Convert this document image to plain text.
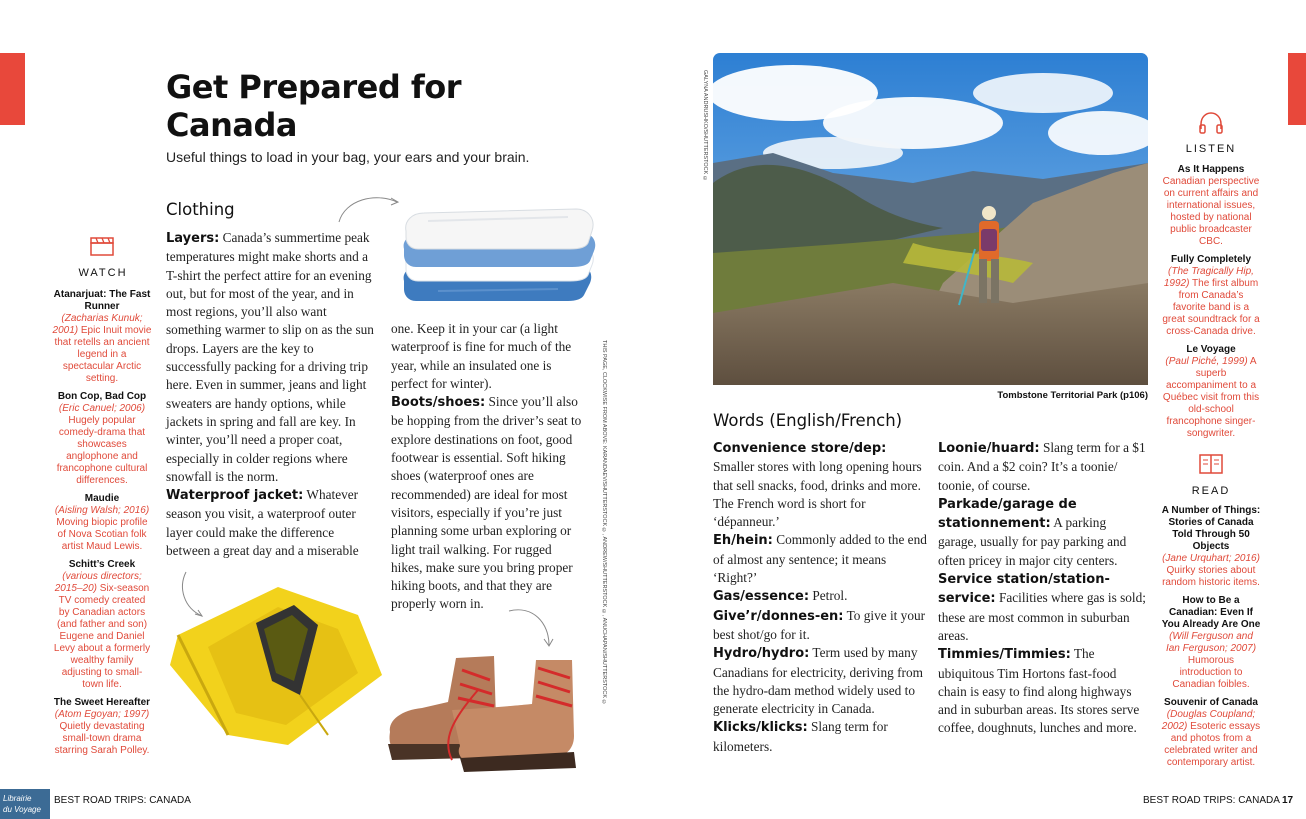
Get Prepared for Canada
Useful things to load in your bag, your ears and your brain.
WATCH
Atanarjuat: The Fast Runner
(Zacharias Kunuk; 2001) Epic Inuit movie that retells an ancient legend in a spectacular Arctic setting.
Bon Cop, Bad Cop
(Eric Canuel; 2006) Hugely popular comedy-drama that showcases anglophone and francophone cultural differences.
Maudie
(Aisling Walsh; 2016) Moving biopic profile of Nova Scotian folk artist Maud Lewis.
Schitt’s Creek
(various directors; 2015–20) Six-season TV comedy created by Canadian actors (and father and son) Eugene and Daniel Levy about a formerly wealthy family adjusting to small-town life.
The Sweet Hereafter
(Atom Egoyan; 1997) Quietly devastating small-town drama starring Sarah Polley.
Clothing
Layers: Canada’s summertime peak temperatures might make shorts and a T-shirt the perfect attire for an evening out, but for most of the year, and in most regions, you’ll also want something warmer to slip on as the sun drops. Layers are the key to successfully packing for a driving trip here. Even in summer, jeans and light sweaters are handy options, while jackets in spring and fall are key. In winter, you’ll need a proper coat, especially in colder regions where snowfall is the norm.
Waterproof jacket: Whatever season you visit, a waterproof outer layer could make the difference between a great day and a miserable
one. Keep it in your car (a light waterproof is fine for much of the year, while an insulated one is perfect for winter).
Boots/shoes: Since you’ll also be hopping from the driver’s seat to explore destinations on foot, good footwear is essential. Soft hiking shoes (waterproof ones are recommended) are ideal for most visitors, especially if you’re just planning some urban exploring or light trail walking. For rugged hikes, make sure you bring proper hiking boots, and that they are properly worn in.	THIS PAGE, CLOCKWISE FROM ABOVE: KARANDAEV/SHUTTERSTOCK ©, ANDREW/SHUTTERSTOCK ©, ANUCHAPAN/SHUTTERSTOCK ©
GALYNA ANDRUSHKO/SHUTTERSTOCK ©
Tombstone Territorial Park (p106)
Words (English/French)
Convenience store/dep:
Smaller stores with long opening hours that sell snacks, food, drinks and more. The French word is short for ‘dépanneur.’
Eh/hein: Commonly added to the end of almost any sentence; it means ‘Right?’
Gas/essence: Petrol.
Give’r/donnes-en: To give it your best shot/go for it.
Hydro/hydro: Term used by many Canadians for electricity, deriving from the hydro-dam method widely used to generate electricity in Canada.
Klicks/klicks: Slang term for kilometers.
Loonie/huard: Slang term for a $1 coin. And a $2 coin? It’s a toonie/ toonie, of course.
Parkade/garage de stationnement: A parking garage, usually for pay parking and often pricey in major city centers.
Service station/station-service: Facilities where gas is sold; these are most common in suburban areas.
Timmies/Timmies: The ubiquitous Tim Hortons fast-food chain is easy to find along highways and in suburban areas. Its stores serve coffee, doughnuts, lunches and more.
LISTEN
As It Happens
Canadian perspective on current affairs and international issues, hosted by national public broadcaster CBC.
Fully Completely
(The Tragically Hip, 1992) The first album from Canada’s favorite band is a great soundtrack for a cross-Canada drive.
Le Voyage
(Paul Piché, 1999) A superb accompaniment to a Québec visit from this old-school francophone singer-songwriter.
READ
A Number of Things: Stories of Canada Told Through 50 Objects
(Jane Urquhart; 2016) Quirky stories about random historic items.
How to Be a Canadian: Even If You Already Are One
(Will Ferguson and Ian Ferguson; 2007) Humorous introduction to Canadian foibles.
Souvenir of Canada
(Douglas Coupland; 2002) Esoteric essays and photos from a celebrated writer and contemporary artist.
Librairie
du Voyage
BEST ROAD TRIPS: CANADA	BEST ROAD TRIPS: CANADA 17
